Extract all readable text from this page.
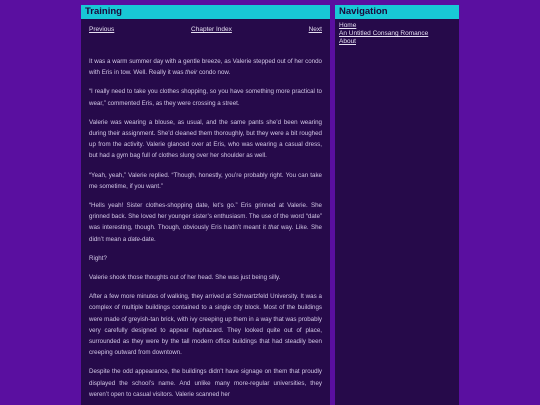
Training
Previous	Chapter Index	Next

It was a warm summer day with a gentle breeze, as Valerie stepped out of her condo with Eris in tow. Well. Really it was their condo now.

“I really need to take you clothes shopping, so you have something more practical to wear,” commented Eris, as they were crossing a street.

Valerie was wearing a blouse, as usual, and the same pants she’d been wearing during their assignment. She’d cleaned them thoroughly, but they were a bit roughed up from the activity. Valerie glanced over at Eris, who was wearing a casual dress, but had a gym bag full of clothes slung over her shoulder as well.

“Yeah, yeah,” Valerie replied. “Though, honestly, you’re probably right. You can take me sometime, if you want.”

“Hells yeah! Sister clothes-shopping date, let’s go.” Eris grinned at Valerie. She grinned back. She loved her younger sister’s enthusiasm. The use of the word “date” was interesting, though. Though, obviously Eris hadn’t meant it that way. Like. She didn’t mean a date-date.

Right?

Valerie shook those thoughts out of her head. She was just being silly.

After a few more minutes of walking, they arrived at Schwartzfeld University. It was a complex of multiple buildings contained to a single city block. Most of the buildings were made of greyish-tan brick, with ivy creeping up them in a way that was probably very carefully designed to appear haphazard. They looked quite out of place, surrounded as they were by the tall modern office buildings that had steadily been creeping outward from downtown.

Despite the odd appearance, the buildings didn’t have signage on them that proudly displayed the school’s name. And unlike many more-regular universities, they weren’t open to casual visitors. Valerie scanned her

Navigation
Home
An Untitled Consang Romance
About
